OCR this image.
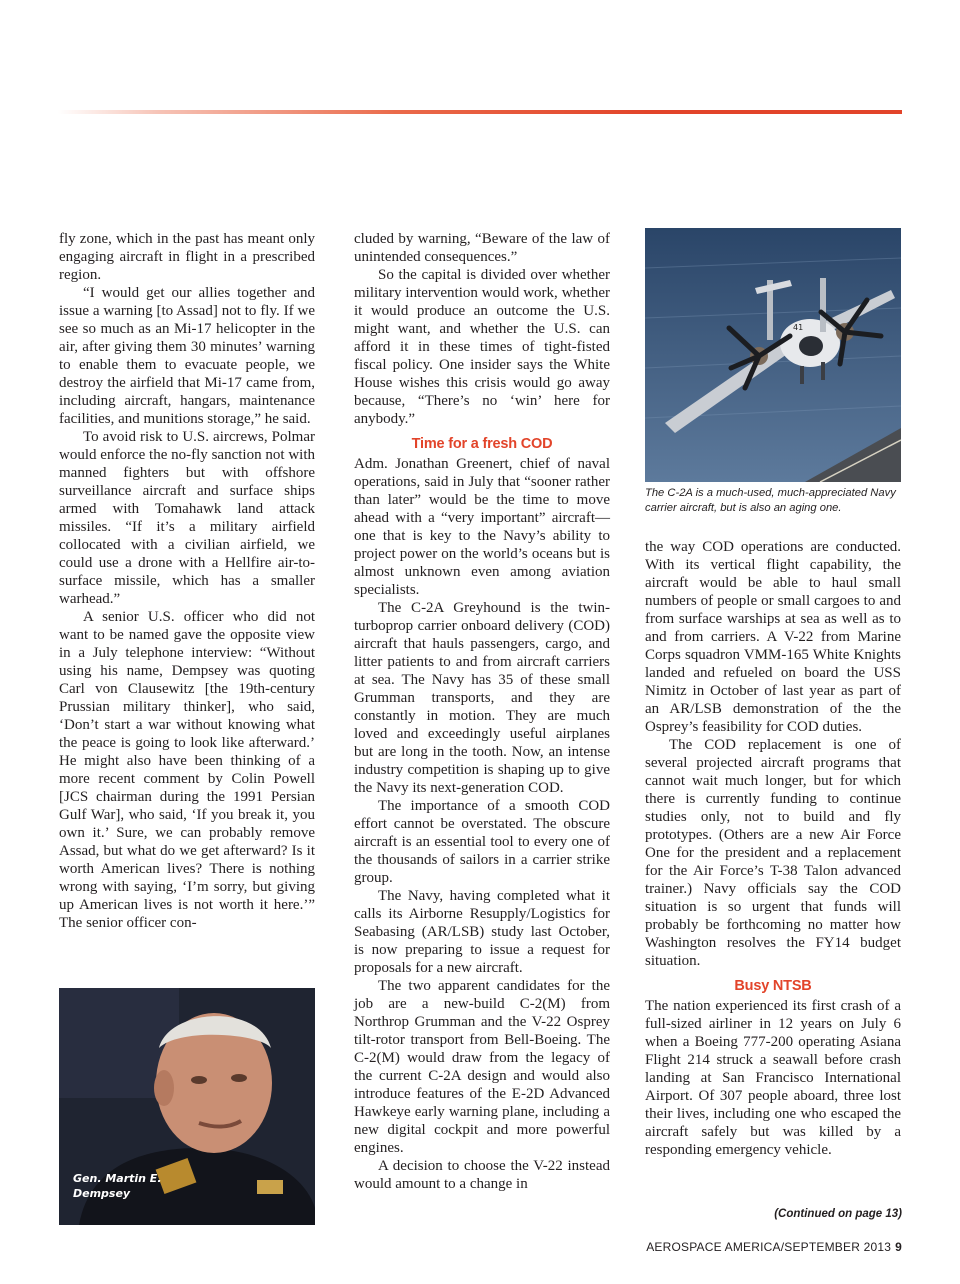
fly zone, which in the past has meant only engaging aircraft in flight in a prescribed region.

“I would get our allies together and issue a warning [to Assad] not to fly. If we see so much as an Mi-17 helicopter in the air, after giving them 30 minutes’ warning to enable them to evacuate people, we destroy the airfield that Mi-17 came from, including aircraft, hangars, maintenance facilities, and munitions storage,” he said.

To avoid risk to U.S. aircrews, Polmar would enforce the no-fly sanction not with manned fighters but with offshore surveillance aircraft and surface ships armed with Tomahawk land attack missiles. “If it’s a military airfield collocated with a civilian airfield, we could use a drone with a Hellfire air-to-surface missile, which has a smaller warhead.”

A senior U.S. officer who did not want to be named gave the opposite view in a July telephone interview: “Without using his name, Dempsey was quoting Carl von Clausewitz [the 19th-century Prussian military thinker], who said, ‘Don’t start a war without knowing what the peace is going to look like afterward.’ He might also have been thinking of a more recent comment by Colin Powell [JCS chairman during the 1991 Persian Gulf War], who said, ‘If you break it, you own it.’ Sure, we can probably remove Assad, but what do we get afterward? Is it worth American lives? There is nothing wrong with saying, ‘I’m sorry, but giving up American lives is not worth it here.’” The senior officer con-

cluded by warning, “Beware of the law of unintended consequences.”

So the capital is divided over whether military intervention would work, whether it would produce an outcome the U.S. might want, and whether the U.S. can afford it in these times of tight-fisted fiscal policy. One insider says the White House wishes this crisis would go away because, “There’s no ‘win’ here for anybody.”

Time for a fresh COD

Adm. Jonathan Greenert, chief of naval operations, said in July that “sooner rather than later” would be the time to move ahead with a “very important” aircraft—one that is key to the Navy’s ability to project power on the world’s oceans but is almost unknown even among aviation specialists.

The C-2A Greyhound is the twin-turboprop carrier onboard delivery (COD) aircraft that hauls passengers, cargo, and litter patients to and from aircraft carriers at sea. The Navy has 35 of these small Grumman transports, and they are constantly in motion. They are much loved and exceedingly useful airplanes but are long in the tooth. Now, an intense industry competition is shaping up to give the Navy its next-generation COD.

The importance of a smooth COD effort cannot be overstated. The obscure aircraft is an essential tool to every one of the thousands of sailors in a carrier strike group.

The Navy, having completed what it calls its Airborne Resupply/Logistics for Seabasing (AR/LSB) study last October, is now preparing to issue a request for proposals for a new aircraft.

The two apparent candidates for the job are a new-build C-2(M) from Northrop Grumman and the V-22 Osprey tilt-rotor transport from Bell-Boeing. The C-2(M) would draw from the legacy of the current C-2A design and would also introduce features of the E-2D Advanced Hawkeye early warning plane, including a new digital cockpit and more powerful engines.

A decision to choose the V-22 instead would amount to a change in

the way COD operations are conducted. With its vertical flight capability, the aircraft would be able to haul small numbers of people or small cargoes to and from surface warships at sea as well as to and from carriers. A V-22 from Marine Corps squadron VMM-165 White Knights landed and refueled on board the USS Nimitz in October of last year as part of an AR/LSB demonstration of the the Osprey’s feasibility for COD duties.

The COD replacement is one of several projected aircraft programs that cannot wait much longer, but for which there is currently funding to continue studies only, not to build and fly prototypes. (Others are a new Air Force One for the president and a replacement for the Air Force’s T-38 Talon advanced trainer.) Navy officials say the COD situation is so urgent that funds will probably be forthcoming no matter how Washington resolves the FY14 budget situation.

Busy NTSB

The nation experienced its first crash of a full-sized airliner in 12 years on July 6 when a Boeing 777-200 operating Asiana Flight 214 struck a seawall before crash landing at San Francisco International Airport. Of 307 people aboard, three lost their lives, including one who escaped the aircraft safely but was killed by a responding emergency vehicle.

41
The C-2A is a much-used, much-appreciated Navy carrier aircraft, but is also an aging one.
Gen. Martin E.
Dempsey
(Continued on page 13)
AEROSPACE AMERICA/SEPTEMBER 2013 9
